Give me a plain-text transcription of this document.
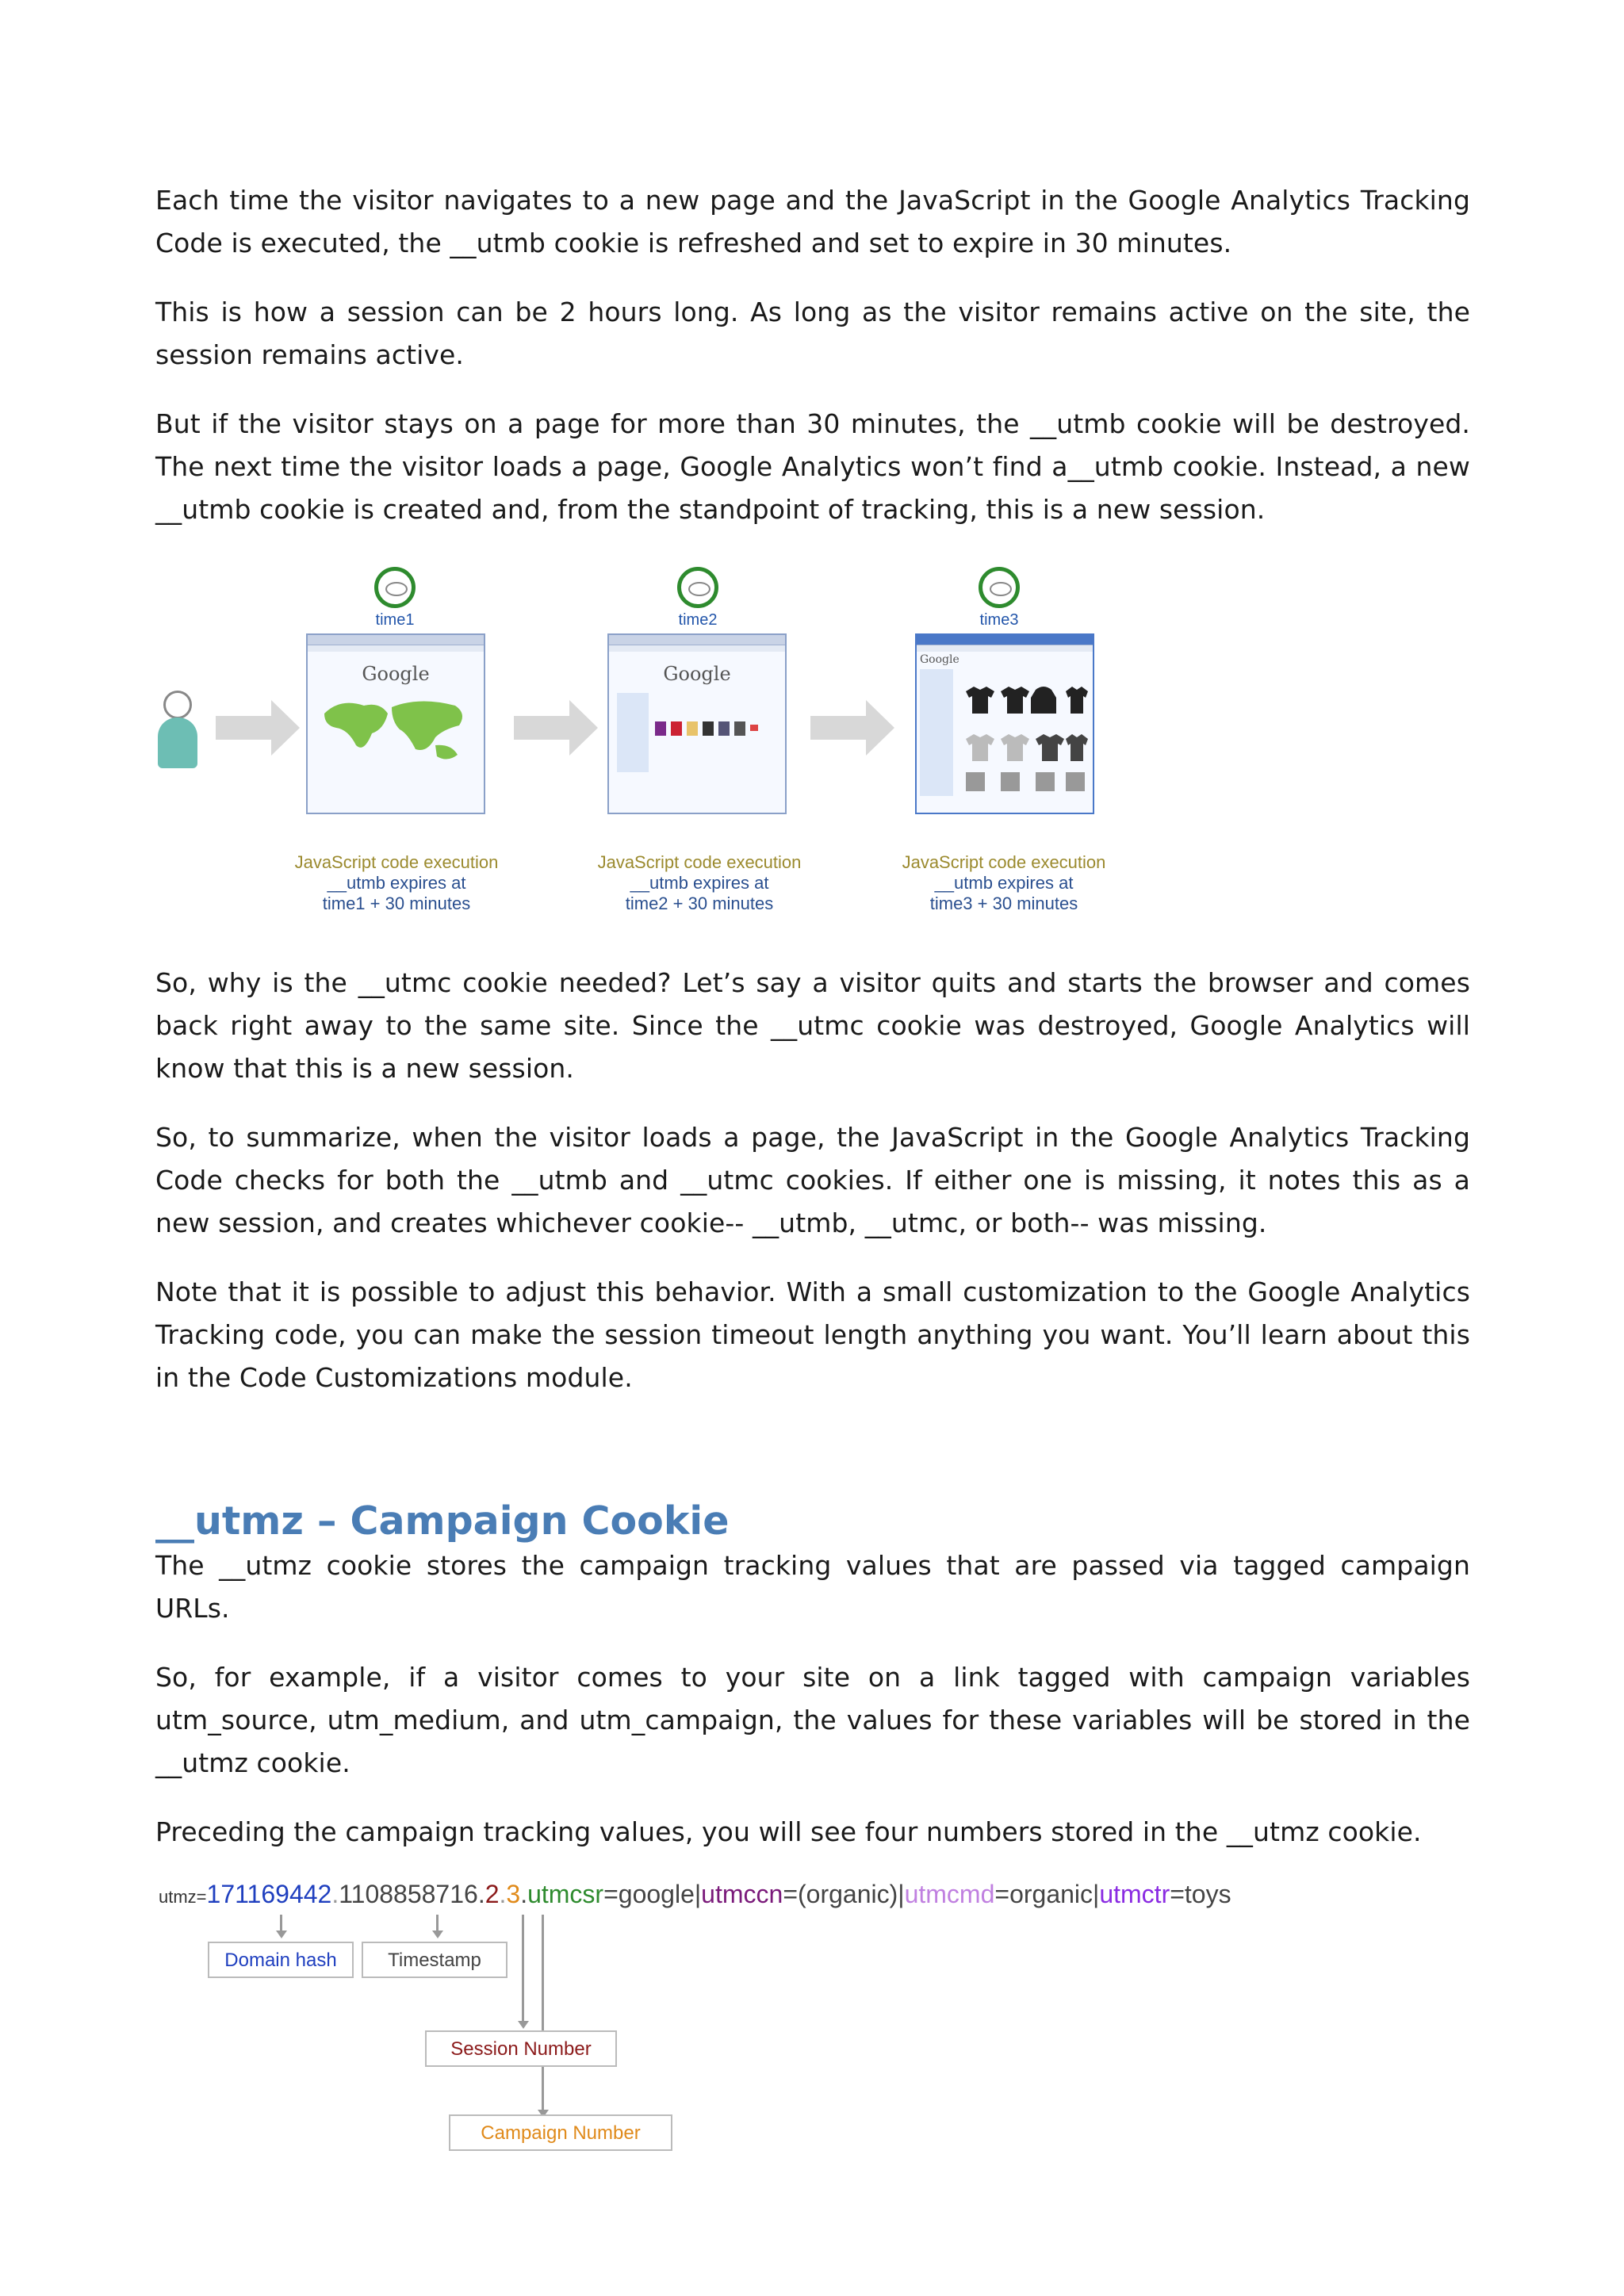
Each time the visitor navigates to a new page and the JavaScript in the Google Analytics Tracking Code is executed, the __utmb cookie is refreshed and set to expire in 30 minutes.

This is how a session can be 2 hours long. As long as the visitor remains active on the site, the session remains active.

But if the visitor stays on a page for more than 30 minutes, the __utmb cookie will be destroyed. The next time the visitor loads a page, Google Analytics won’t find a__utmb cookie. Instead, a new __utmb cookie is created and, from the standpoint of tracking, this is a new session.

time1
Google
JavaScript code execution
__utmb expires at
time1 + 30 minutes
time2
Google
JavaScript code execution
__utmb expires at
time2 + 30 minutes
time3
Google
JavaScript code execution
__utmb expires at
time3 + 30 minutes

So, why is the __utmc cookie needed? Let’s say a visitor quits and starts the browser and comes back right away to the same site. Since the __utmc cookie was destroyed, Google Analytics will know that this is a new session.

So, to summarize, when the visitor loads a page, the JavaScript in the Google Analytics Tracking Code checks for both the __utmb and __utmc cookies. If either one is missing, it notes this as a new session, and creates whichever cookie-- __utmb, __utmc, or both-- was missing.

Note that it is possible to adjust this behavior. With a small customization to the Google Analytics Tracking code, you can make the session timeout length anything you want. You’ll learn about this in the Code Customizations module.

__utmz – Campaign Cookie

The __utmz cookie stores the campaign tracking values that are passed via tagged campaign URLs.

So, for example, if a visitor comes to your site on a link tagged with campaign variables utm_source, utm_medium, and utm_campaign, the values for these variables will be stored in the __utmz cookie.

Preceding the campaign tracking values, you will see four numbers stored in the __utmz cookie.

utmz=171169442.1108858716.2.3.utmcsr=google|utmccn=(organic)|utmcmd=organic|utmctr=toys
Domain hash	Timestamp
Session Number
Campaign Number
